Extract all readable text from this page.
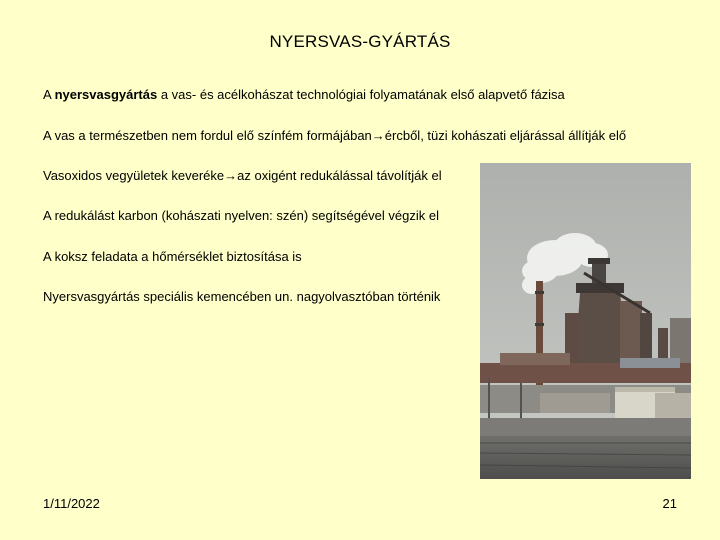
NYERSVAS-GYÁRTÁS
A nyersvasgyártás a vas- és acélkohászat technológiai folyamatának első alapvető fázisa
A vas a természetben nem fordul elő színfém formájában→ércből, tüzi kohászati eljárással állítják elő
Vasoxidos vegyületek keveréke→az oxigént redukálással távolítják el
A redukálást karbon (kohászati nyelven: szén) segítségével végzik el
A koksz feladata a hőmérséklet biztosítása is
Nyersvasgyártás speciális kemencében un. nagyolvasztóban történik
1/11/2022	21
